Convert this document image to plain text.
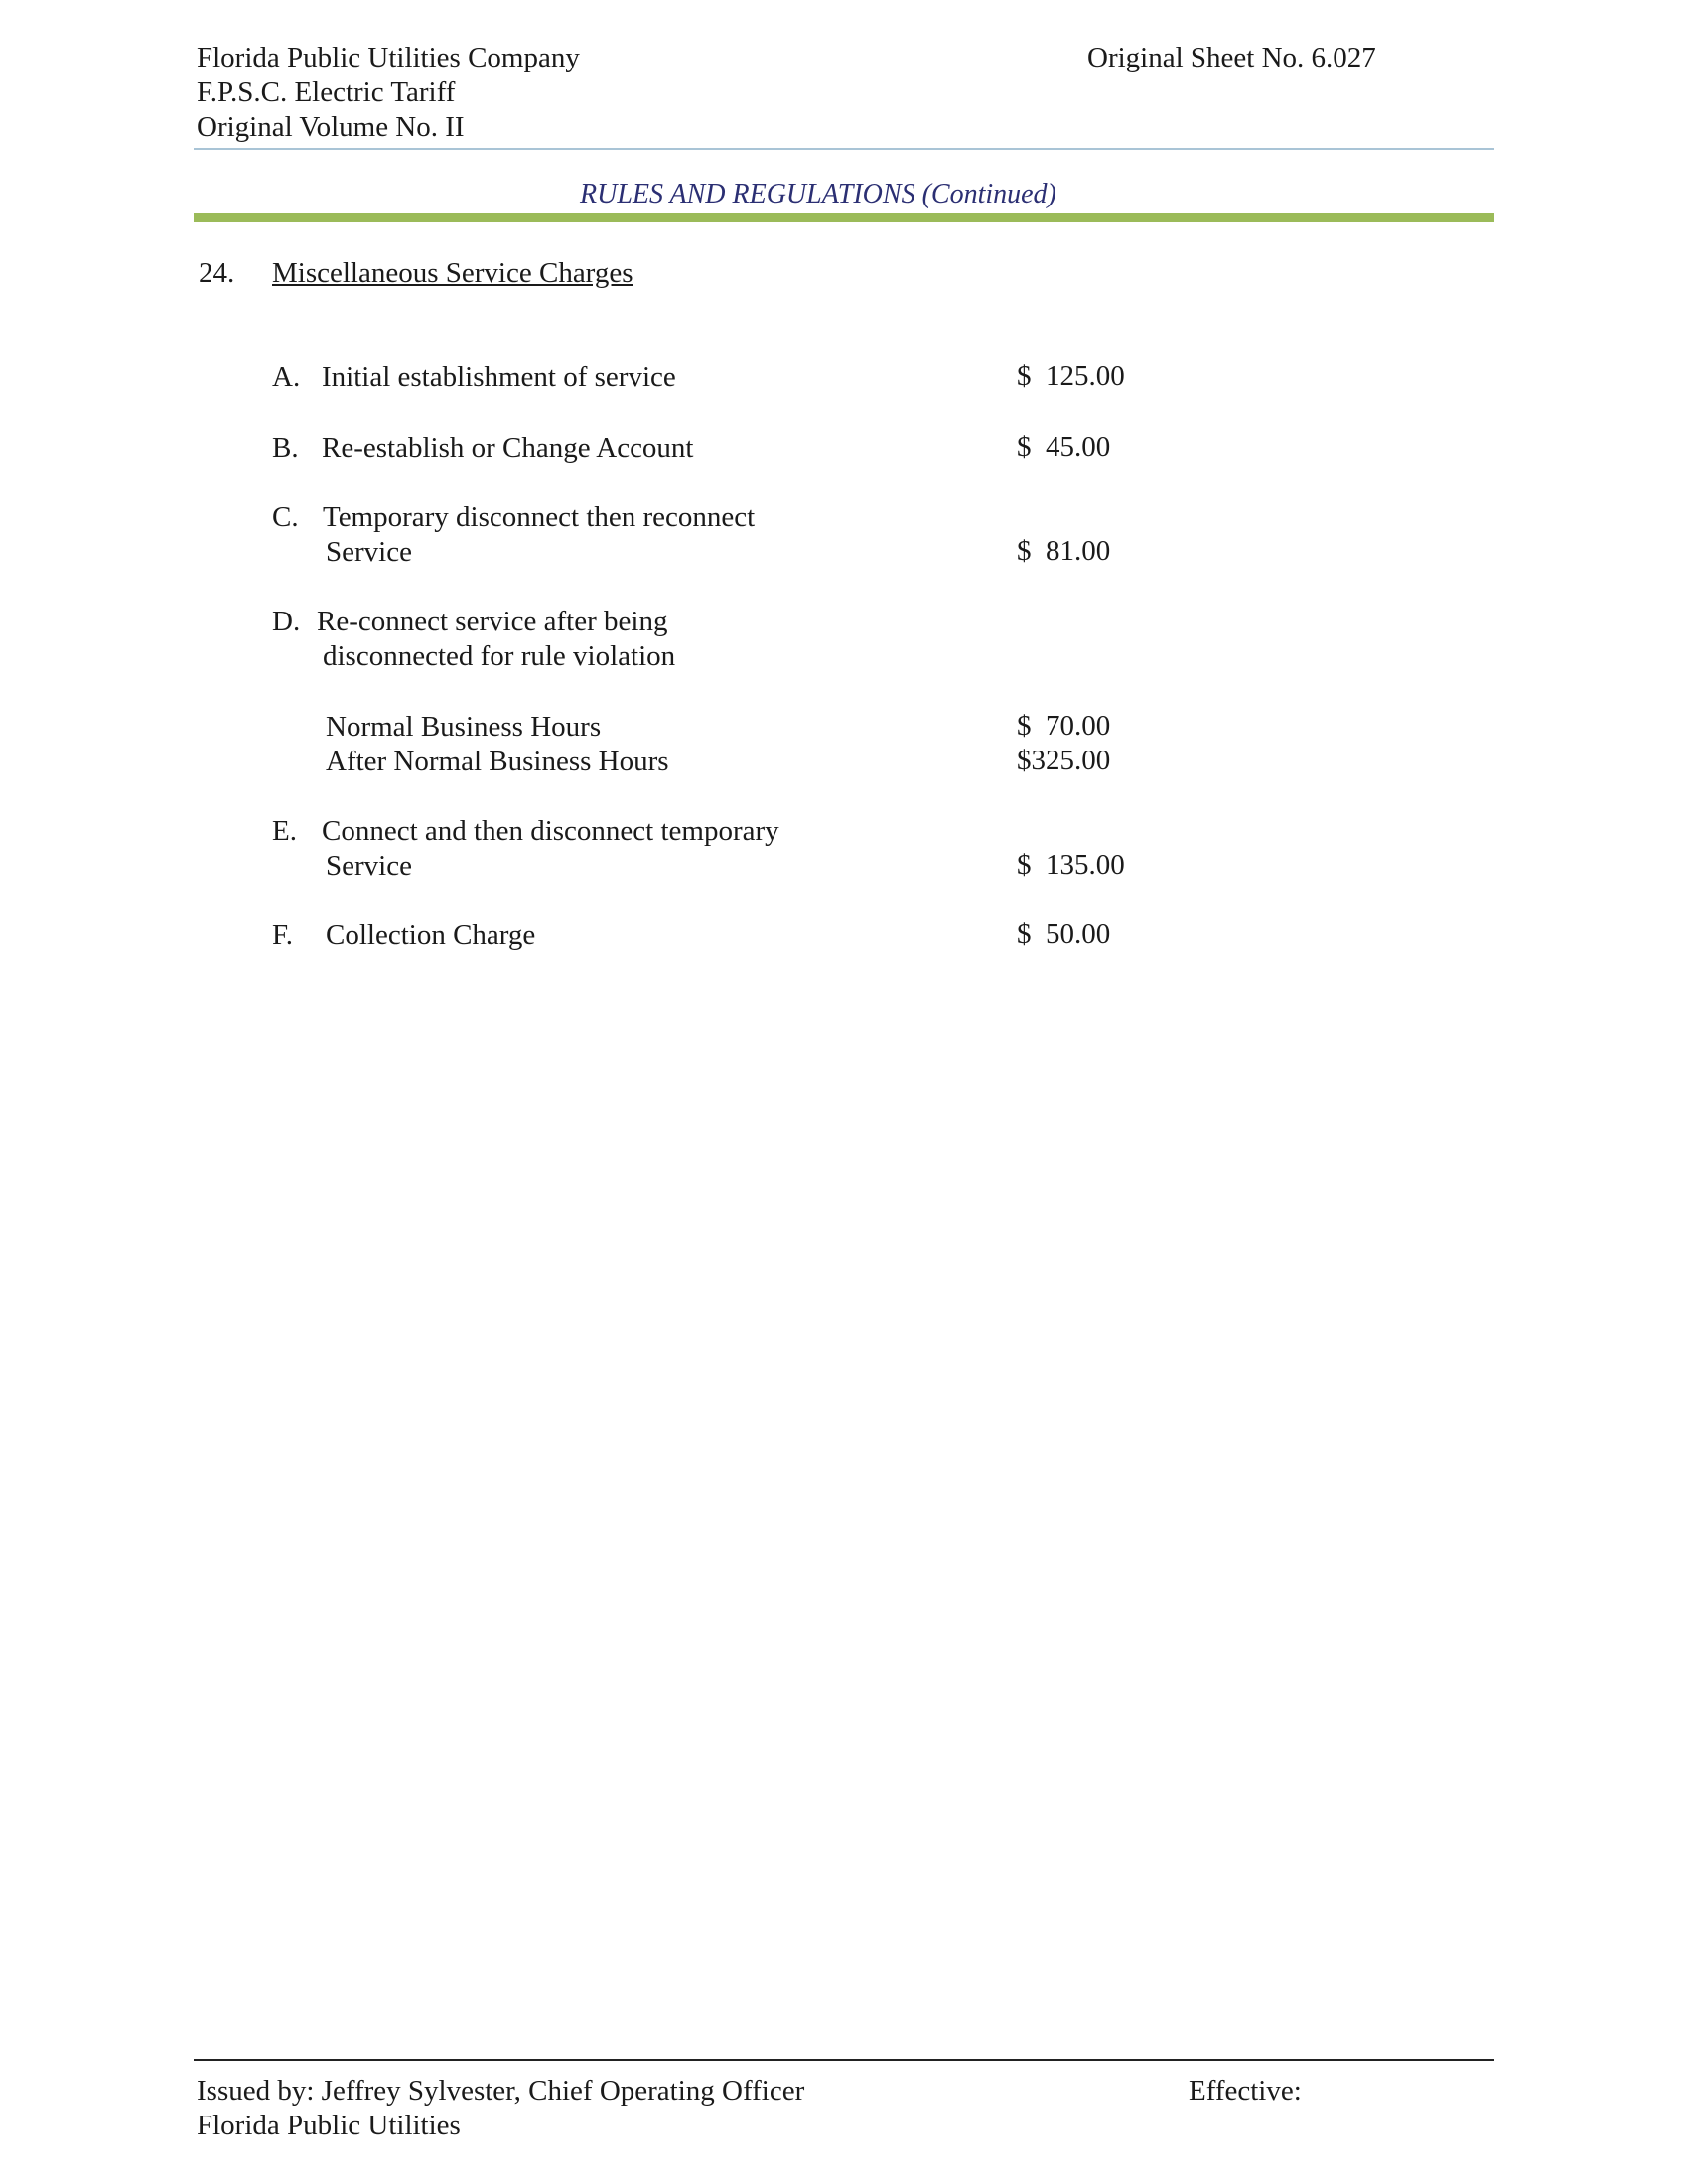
Florida Public Utilities Company
F.P.S.C. Electric Tariff
Original Volume No. II
Original Sheet No. 6.027
RULES AND REGULATIONS (Continued)
24. Miscellaneous Service Charges
A. Initial establishment of service	$  125.00
B. Re-establish or Change Account	$  45.00
C. Temporary disconnect then reconnect
Service	$  81.00
D. Re-connect service after being
disconnected for rule violation
Normal Business Hours	$  70.00
After Normal Business Hours	$325.00
E. Connect and then disconnect temporary
Service	$  135.00
F. Collection Charge	$  50.00
Issued by: Jeffrey Sylvester, Chief Operating Officer
Florida Public Utilities
Effective:
